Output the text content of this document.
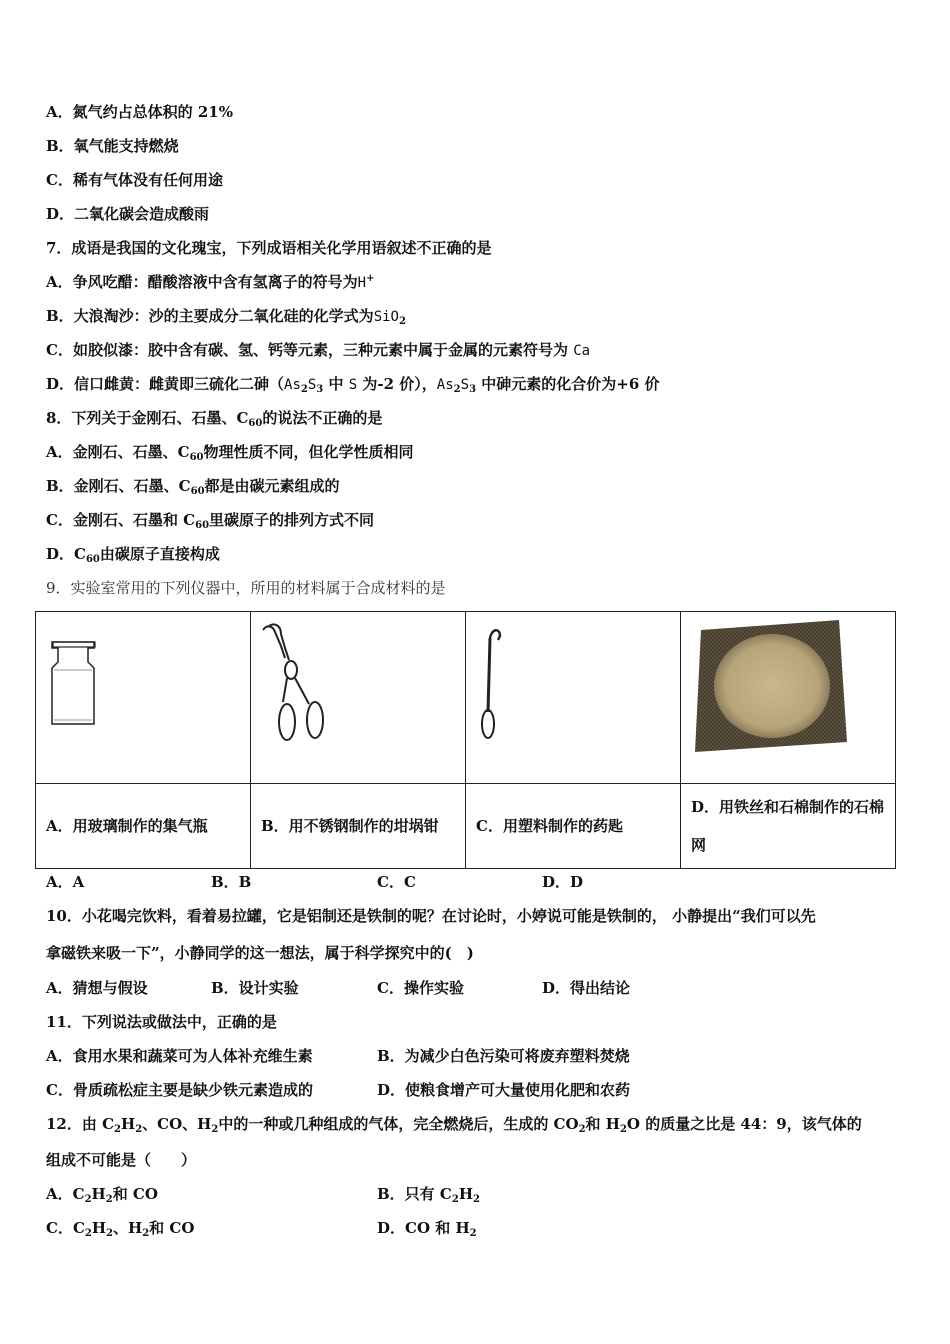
A．氮气约占总体积的 21%
B．氧气能支持燃烧
C．稀有气体没有任何用途
D．二氧化碳会造成酸雨
7．成语是我国的文化瑰宝，下列成语相关化学用语叙述不正确的是
A．争风吃醋：醋酸溶液中含有氢离子的符号为H+
B．大浪淘沙：沙的主要成分二氧化硅的化学式为SiO$_2$
C．如胶似漆：胶中含有碳、氢、钙等元素，三种元素中属于金属的元素符号为 Ca
D．信口雌黄：雌黄即三硫化二砷（$As_2S_3$ 中 S 为-2 价），$As_2S_3$ 中砷元素的化合价为+6 价
8．下列关于金刚石、石墨、$C_{60}$的说法不正确的是
A．金刚石、石墨、$C_{60}$物理性质不同，但化学性质相同
B．金刚石、石墨、$C_{60}$都是由碳元素组成的
C．金刚石、石墨和 $C_{60}$里碳原子的排列方式不同
D．$C_{60}$由碳原子直接构成
9．实验室常用的下列仪器中，所用的材料属于合成材料的是

A．用玻璃制作的集气瓶	B．用不锈钢制作的坩埚钳	C．用塑料制作的药匙	D．用铁丝和石棉制作的石棉网
A．A	B．B	C．C	D．D
10．小花喝完饮料，看着易拉罐，它是铝制还是铁制的呢？在讨论时，小婷说可能是铁制的， 小静提出“我们可以先
拿磁铁来吸一下”，小静同学的这一想法，属于科学探究中的(　)
A．猜想与假设	B．设计实验	C．操作实验	D．得出结论
11．下列说法或做法中，正确的是
A．食用水果和蔬菜可为人体补充维生素	B．为减少白色污染可将废弃塑料焚烧
C．骨质疏松症主要是缺少铁元素造成的	D．使粮食增产可大量使用化肥和农药
12．由 $C_2H_2$、CO、$H_2$中的一种或几种组成的气体，完全燃烧后，生成的 $CO_2$和 $H_2O$ 的质量之比是 44：9，该气体的
组成不可能是（　　）
A．$C_2H_2$和 CO	B．只有 $C_2H_2$
C．$C_2H_2$、$H_2$和 CO	D．CO 和 $H_2$
